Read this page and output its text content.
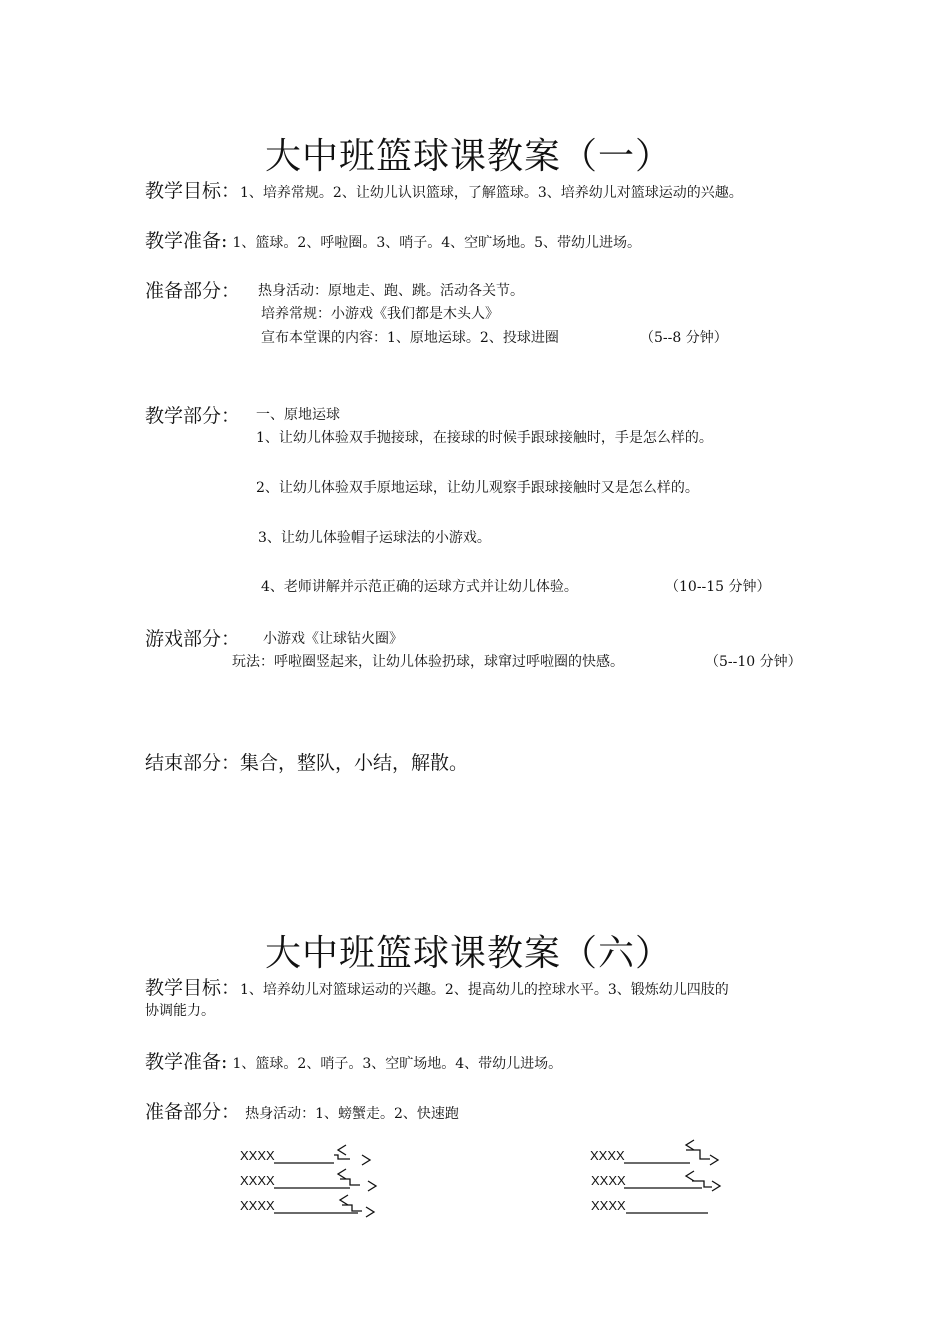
大中班篮球课教案（一）
教学目标：1、培养常规。2、让幼儿认识篮球，了解篮球。3、培养幼儿对篮球运动的兴趣。
教学准备: 1、篮球。2、呼啦圈。3、哨子。4、空旷场地。5、带幼儿进场。
准备部分： 热身活动：原地走、跑、跳。活动各关节。
培养常规：小游戏《我们都是木头人》
宣布本堂课的内容：1、原地运球。2、投球进圈	（5--8 分钟）
教学部分： 一、原地运球
1、让幼儿体验双手抛接球，在接球的时候手跟球接触时，手是怎么样的。
2、让幼儿体验双手原地运球，让幼儿观察手跟球接触时又是怎么样的。
3、让幼儿体验帽子运球法的小游戏。
4、老师讲解并示范正确的运球方式并让幼儿体验。	（10--15 分钟）
游戏部分： 小游戏《让球钻火圈》
玩法：呼啦圈竖起来，让幼儿体验扔球，球窜过呼啦圈的快感。	（5--10 分钟）
结束部分：集合，整队，小结，解散。
大中班篮球课教案（六）
教学目标：1、培养幼儿对篮球运动的兴趣。2、提高幼儿的控球水平。3、锻炼幼儿四肢的
协调能力。
教学准备: 1、篮球。2、哨子。3、空旷场地。4、带幼儿进场。
准备部分： 热身活动：1、螃蟹走。2、快速跑
XXXX
XXXX
XXXX
XXXX
XXXX
XXXX
